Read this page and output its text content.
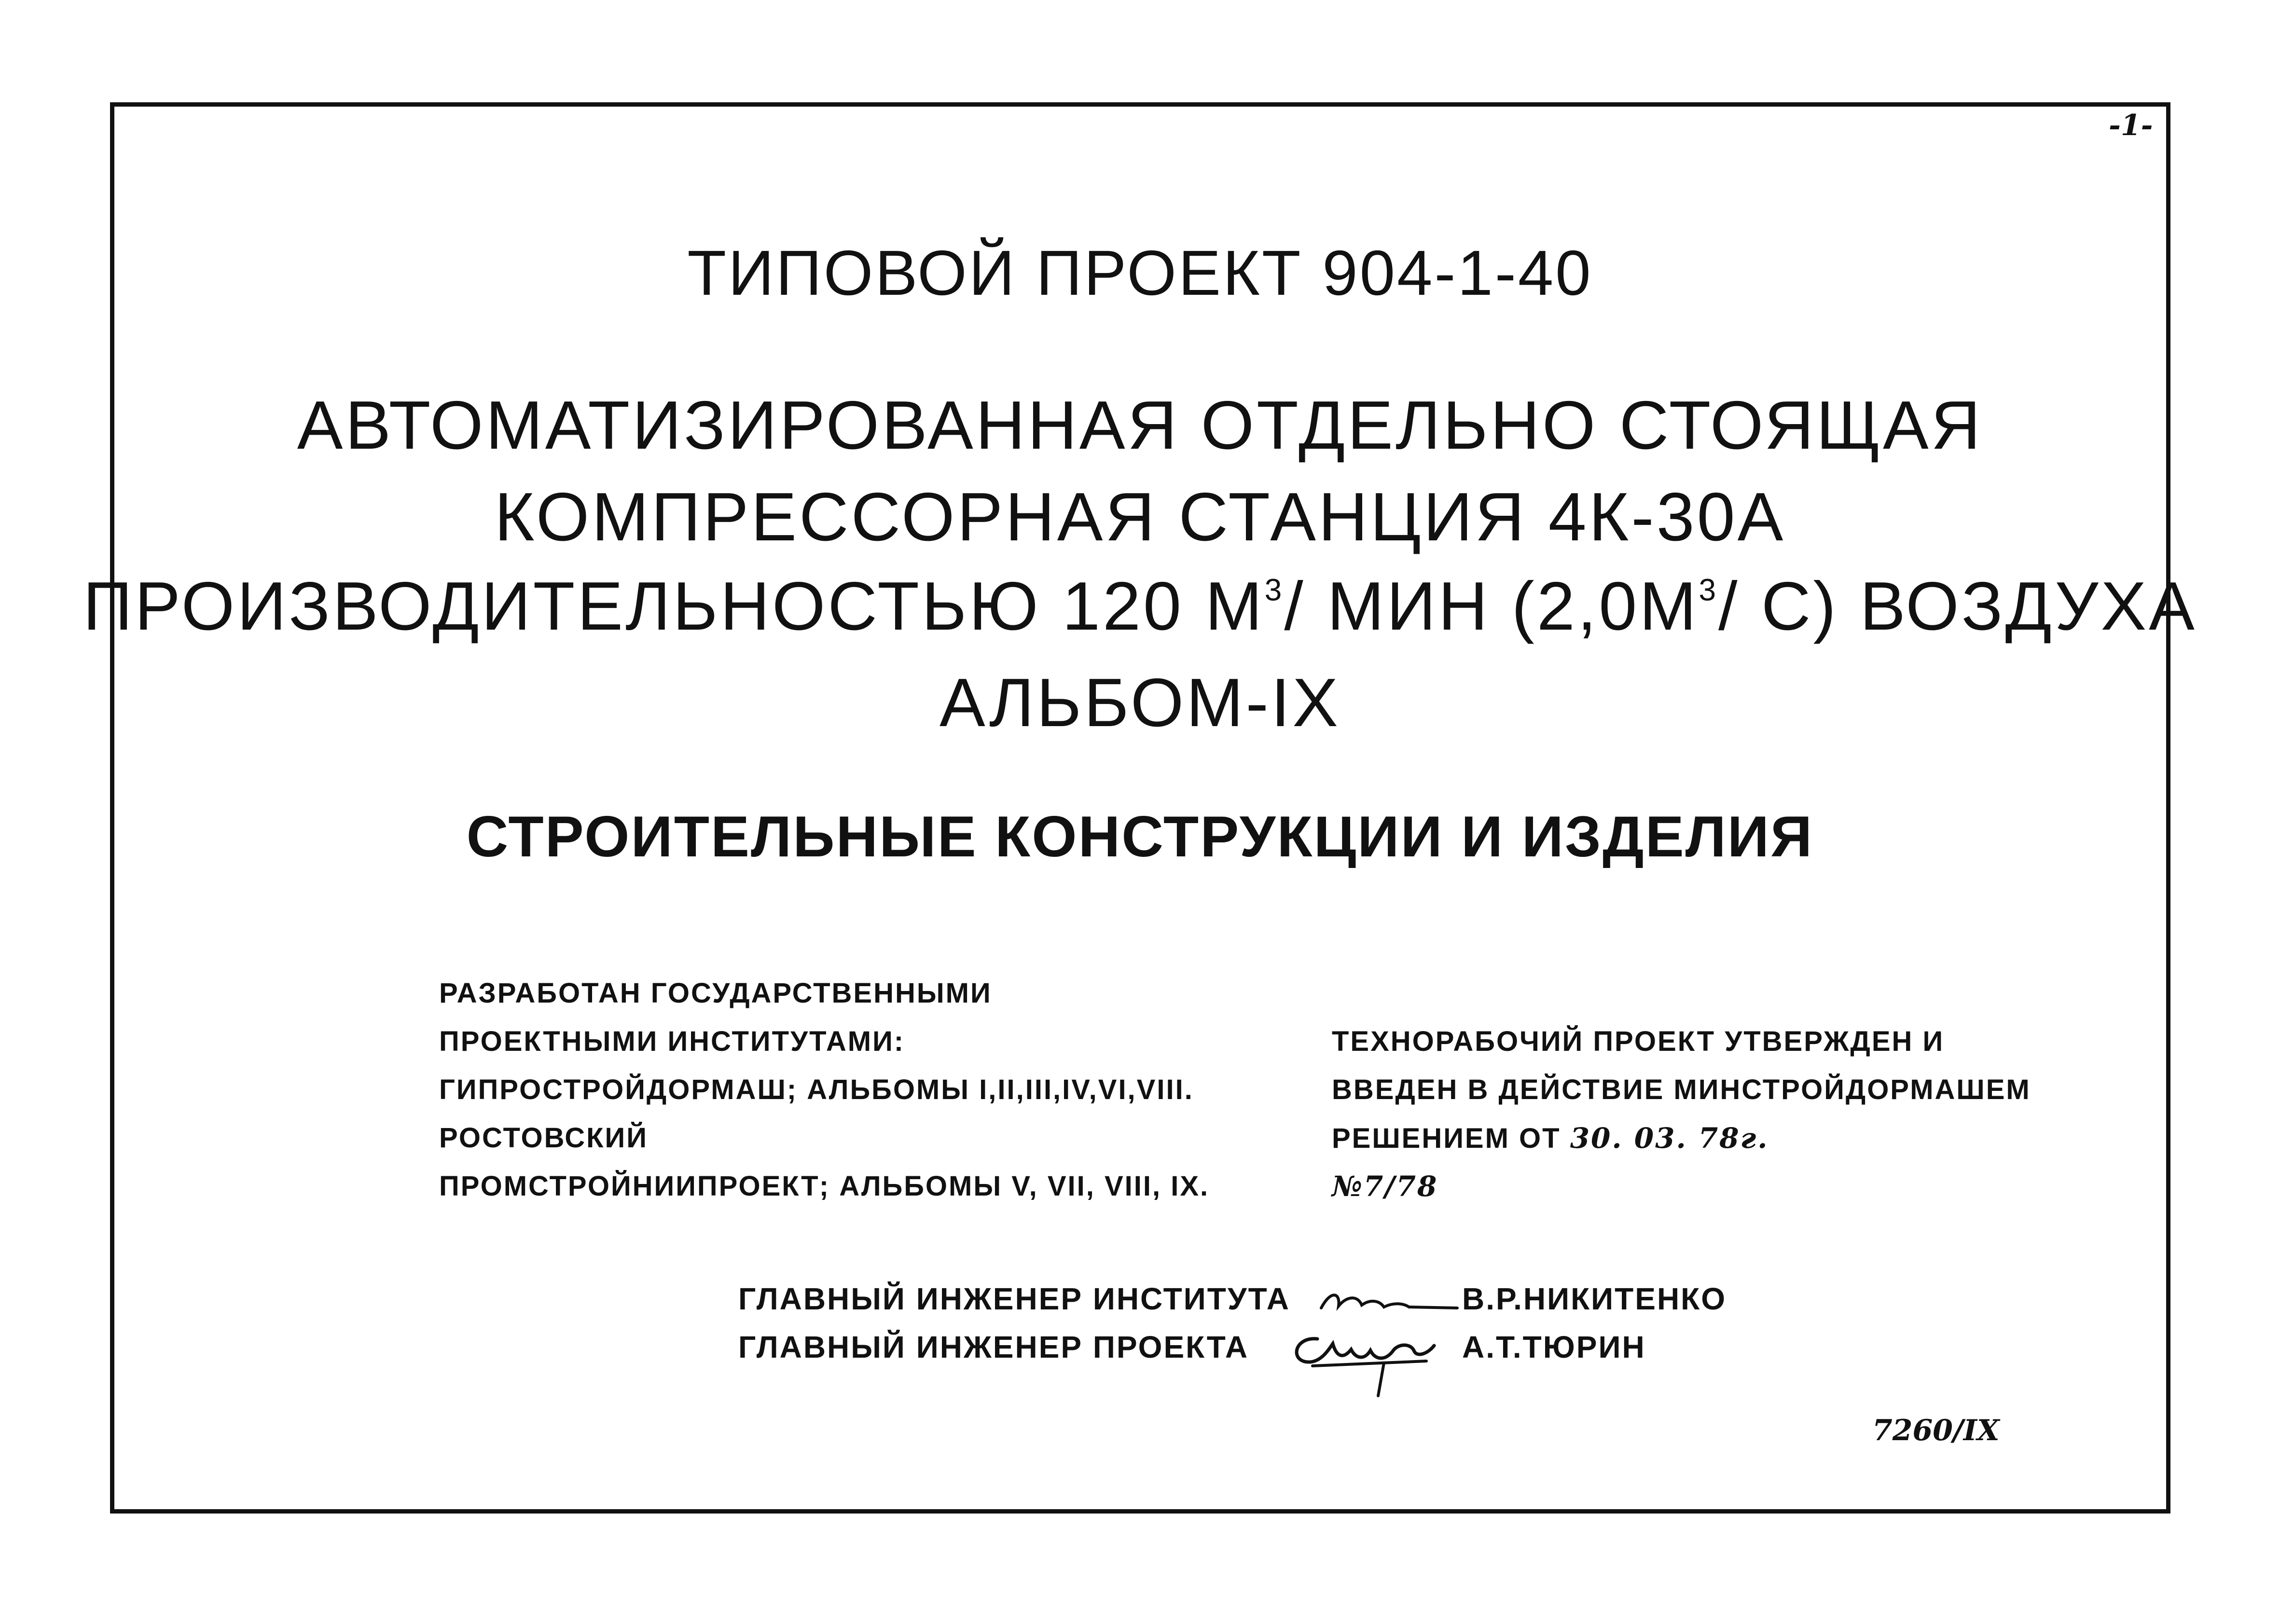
-1-
ТИПОВОЙ ПРОЕКТ 904-1-40
АВТОМАТИЗИРОВАННАЯ ОТДЕЛЬНО СТОЯЩАЯ
КОМПРЕССОРНАЯ СТАНЦИЯ 4К-30А
ПРОИЗВОДИТЕЛЬНОСТЬЮ 120 $М^3/$ МИН ($2,0М^3/$ С) ВОЗДУХА
АЛЬБОМ-IX
СТРОИТЕЛЬНЫЕ КОНСТРУКЦИИ И ИЗДЕЛИЯ
РАЗРАБОТАН ГОСУДАРСТВЕННЫМИ
ПРОЕКТНЫМИ ИНСТИТУТАМИ:
ГИПРОСТРОЙДОРМАШ; АЛЬБОМЫ I,II,III,IV,VI,VIII.
РОСТОВСКИЙ
ПРОМСТРОЙНИИПРОЕКТ; АЛЬБОМЫ V, VII, VIII, IX.
ТЕХНОРАБОЧИЙ ПРОЕКТ УТВЕРЖДЕН И
ВВЕДЕН В ДЕЙСТВИЕ МИНСТРОЙДОРМАШЕМ
РЕШЕНИЕМ ОТ 30. 03. 78г.
№7/78
ГЛАВНЫЙ ИНЖЕНЕР ИНСТИТУТА	В.Р.НИКИТЕНКО
ГЛАВНЫЙ ИНЖЕНЕР ПРОЕКТА	А.Т.ТЮРИН
7260/IX
